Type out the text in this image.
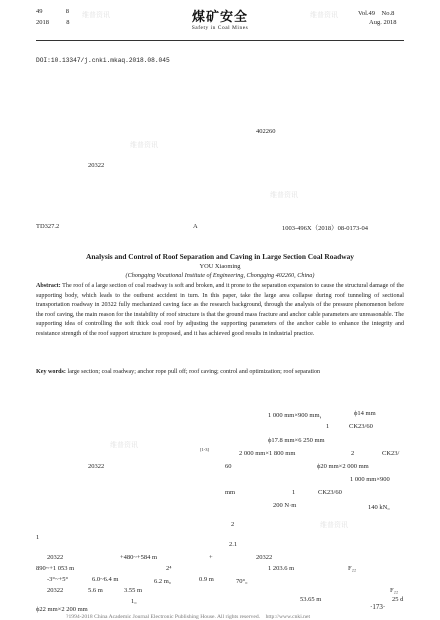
49	8
2018	8	煤矿安全
Safety in Coal Mines
Vol.49　No.8
Aug. 2018
DOI:10.13347/j.cnki.mkaq.2018.08.045
402260
20322
TD327.2	A	1003-496X（2018）08-0173-04
Analysis and Control of Roof Separation and Caving in Large Section Coal Roadway
YOU Xiaoming
(Chongqing Vocational Institute of Engineering, Chongqing 402260, China)
Abstract: The roof of a large section of coal roadway is soft and broken, and it prone to the separation expansion to cause the structural damage of the supporting body, which leads to the outburst accident in turn. In this paper, take the large area collapse during roof tunneling of sectional transportation roadway in 20322 fully mechanized caving face as the research background, through the analysis of the pressure phenomenon before the roof caving, the main reason for the instability of roof structure is that the ground mass fracture and anchor cable parameters are unreasonable. The supporting idea of controlling the soft thick coal roof by adjusting the supporting parameters of the anchor cable to enhance the integrity and resistance strength of the roof support structure is proposed, and it has achieved good results in industrial practice.
Key words: large section; coal roadway; anchor rope pull off; roof caving; control and optimization; roof separation
1 000 mm×900 mm，	ϕ14 mm
1	CK23/60
ϕ17.8 mm×6 250 mm
[1-3]
2 000 mm×1 800 mm	2	CK23/
20322	60	ϕ20 mm×2 000 mm
1 000 mm×900
mm	1	CK23/60
200 N·m	140 kN。
2
1
2.1
20322	+480~+584 m	+	20322
890~+1 053 m	2⁴	1 203.6 m	F₂₂
-3°~+5°	6.0~6.4 m	6.2 m。	0.9 m	70°。
20322	5.6 m	3.55 m	F₂₂
1。	53.65 m	25 d
ϕ22 mm×2 200 mm
维普资讯	维普资讯
维普资讯
维普资讯
维普资讯
维普资讯
?1994-2018 China Academic Journal Electronic Publishing House. All rights reserved.　http://www.cnki.net
·173·
